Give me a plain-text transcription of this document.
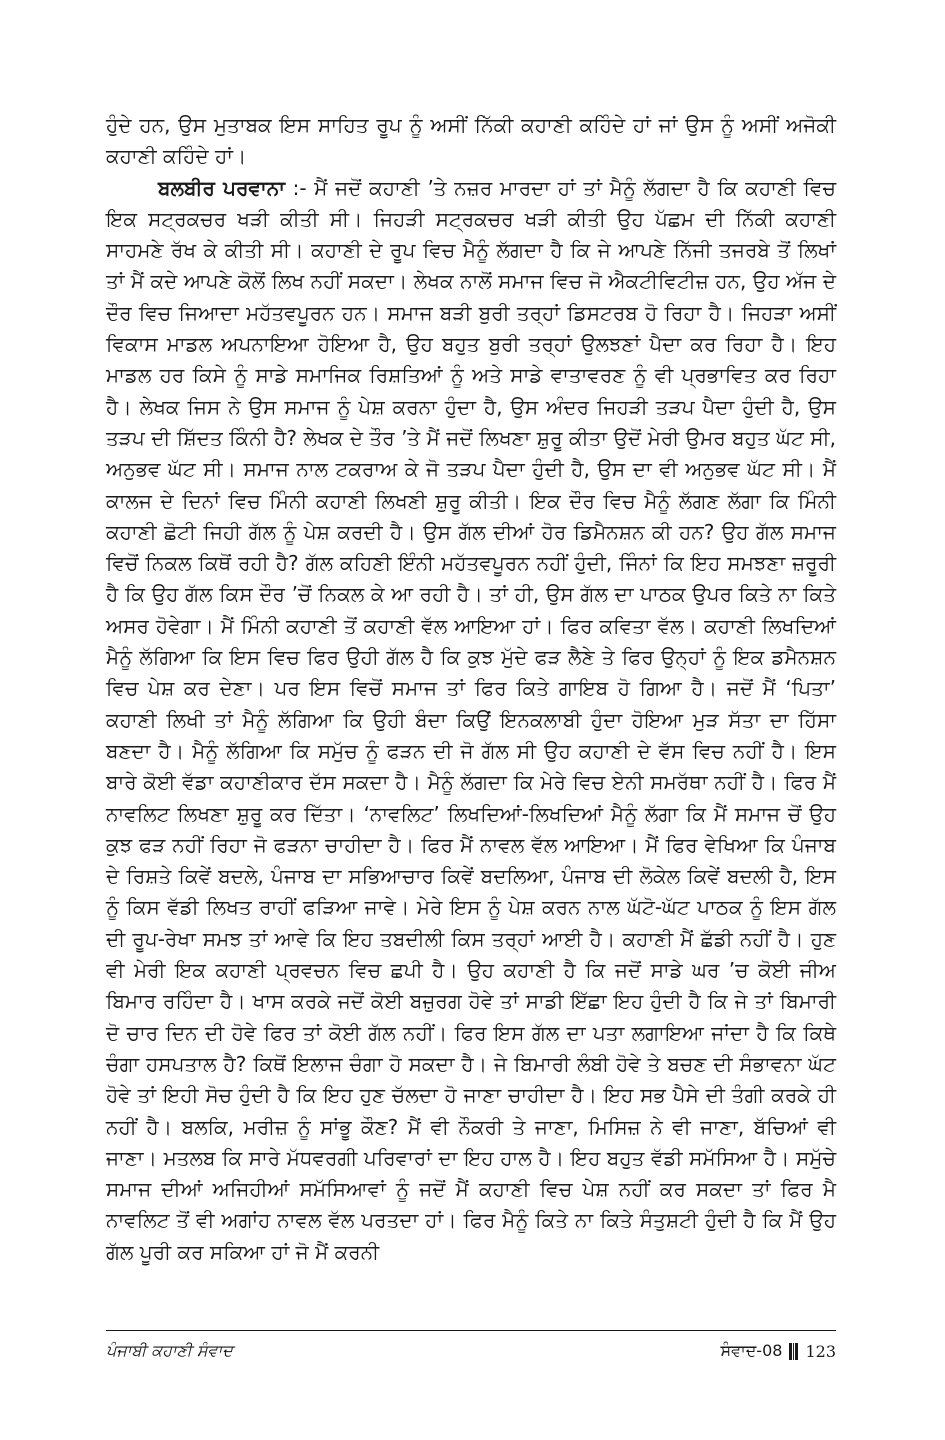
ਹੁੰਦੇ ਹਨ, ਉਸ ਮੁਤਾਬਕ ਇਸ ਸਾਹਿਤ ਰੂਪ ਨੂੰ ਅਸੀਂ ਨਿੱਕੀ ਕਹਾਣੀ ਕਹਿੰਦੇ ਹਾਂ ਜਾਂ ਉਸ ਨੂੰ ਅਸੀਂ ਅਜੋਕੀ ਕਹਾਣੀ ਕਹਿੰਦੇ ਹਾਂ।

ਬਲਬੀਰ ਪਰਵਾਨਾ :- ਮੈਂ ਜਦੋਂ ਕਹਾਣੀ ’ਤੇ ਨਜ਼ਰ ਮਾਰਦਾ ਹਾਂ ਤਾਂ ਮੈਨੂੰ ਲੱਗਦਾ ਹੈ ਕਿ ਕਹਾਣੀ ਵਿਚ ਇਕ ਸਟ੍ਰਕਚਰ ਖੜੀ ਕੀਤੀ ਸੀ। ਜਿਹੜੀ ਸਟ੍ਰਕਚਰ ਖੜੀ ਕੀਤੀ ਉਹ ਪੱਛਮ ਦੀ ਨਿੱਕੀ ਕਹਾਣੀ ਸਾਹਮਣੇ ਰੱਖ ਕੇ ਕੀਤੀ ਸੀ। ਕਹਾਣੀ ਦੇ ਰੂਪ ਵਿਚ ਮੈਨੂੰ ਲੱਗਦਾ ਹੈ ਕਿ ਜੇ ਆਪਣੇ ਨਿੱਜੀ ਤਜਰਬੇ ਤੋਂ ਲਿਖਾਂ ਤਾਂ ਮੈਂ ਕਦੇ ਆਪਣੇ ਕੋਲੋਂ ਲਿਖ ਨਹੀਂ ਸਕਦਾ। ਲੇਖਕ ਨਾਲੋਂ ਸਮਾਜ ਵਿਚ ਜੋ ਐਕਟੀਵਿਟੀਜ਼ ਹਨ, ਉਹ ਅੱਜ ਦੇ ਦੌਰ ਵਿਚ ਜਿਆਦਾ ਮਹੱਤਵਪੂਰਨ ਹਨ। ਸਮਾਜ ਬੜੀ ਬੁਰੀ ਤਰ੍ਹਾਂ ਡਿਸਟਰਬ ਹੋ ਰਿਹਾ ਹੈ। ਜਿਹੜਾ ਅਸੀਂ ਵਿਕਾਸ ਮਾਡਲ ਅਪਨਾਇਆ ਹੋਇਆ ਹੈ, ਉਹ ਬਹੁਤ ਬੁਰੀ ਤਰ੍ਹਾਂ ਉਲਝਣਾਂ ਪੈਦਾ ਕਰ ਰਿਹਾ ਹੈ। ਇਹ ਮਾਡਲ ਹਰ ਕਿਸੇ ਨੂੰ ਸਾਡੇ ਸਮਾਜਿਕ ਰਿਸ਼ਤਿਆਂ ਨੂੰ ਅਤੇ ਸਾਡੇ ਵਾਤਾਵਰਣ ਨੂੰ ਵੀ ਪ੍ਰਭਾਵਿਤ ਕਰ ਰਿਹਾ ਹੈ। ਲੇਖਕ ਜਿਸ ਨੇ ਉਸ ਸਮਾਜ ਨੂੰ ਪੇਸ਼ ਕਰਨਾ ਹੁੰਦਾ ਹੈ, ਉਸ ਅੰਦਰ ਜਿਹੜੀ ਤੜਪ ਪੈਦਾ ਹੁੰਦੀ ਹੈ, ਉਸ ਤੜਪ ਦੀ ਸ਼ਿੱਦਤ ਕਿੰਨੀ ਹੈ? ਲੇਖਕ ਦੇ ਤੌਰ ’ਤੇ ਮੈਂ ਜਦੋਂ ਲਿਖਣਾ ਸ਼ੁਰੂ ਕੀਤਾ ਉਦੋਂ ਮੇਰੀ ਉਮਰ ਬਹੁਤ ਘੱਟ ਸੀ, ਅਨੁਭਵ ਘੱਟ ਸੀ। ਸਮਾਜ ਨਾਲ ਟਕਰਾਅ ਕੇ ਜੋ ਤੜਪ ਪੈਦਾ ਹੁੰਦੀ ਹੈ, ਉਸ ਦਾ ਵੀ ਅਨੁਭਵ ਘੱਟ ਸੀ। ਮੈਂ ਕਾਲਜ ਦੇ ਦਿਨਾਂ ਵਿਚ ਮਿੰਨੀ ਕਹਾਣੀ ਲਿਖਣੀ ਸ਼ੁਰੂ ਕੀਤੀ। ਇਕ ਦੌਰ ਵਿਚ ਮੈਨੂੰ ਲੱਗਣ ਲੱਗਾ ਕਿ ਮਿੰਨੀ ਕਹਾਣੀ ਛੋਟੀ ਜਿਹੀ ਗੱਲ ਨੂੰ ਪੇਸ਼ ਕਰਦੀ ਹੈ। ਉਸ ਗੱਲ ਦੀਆਂ ਹੋਰ ਡਿਮੈਨਸ਼ਨ ਕੀ ਹਨ? ਉਹ ਗੱਲ ਸਮਾਜ ਵਿਚੋਂ ਨਿਕਲ ਕਿਥੋਂ ਰਹੀ ਹੈ? ਗੱਲ ਕਹਿਣੀ ਇੰਨੀ ਮਹੱਤਵਪੂਰਨ ਨਹੀਂ ਹੁੰਦੀ, ਜਿੰਨਾਂ ਕਿ ਇਹ ਸਮਝਣਾ ਜ਼ਰੂਰੀ ਹੈ ਕਿ ਉਹ ਗੱਲ ਕਿਸ ਦੌਰ ’ਚੋਂ ਨਿਕਲ ਕੇ ਆ ਰਹੀ ਹੈ। ਤਾਂ ਹੀ, ਉਸ ਗੱਲ ਦਾ ਪਾਠਕ ਉਪਰ ਕਿਤੇ ਨਾ ਕਿਤੇ ਅਸਰ ਹੋਵੇਗਾ। ਮੈਂ ਮਿੰਨੀ ਕਹਾਣੀ ਤੋਂ ਕਹਾਣੀ ਵੱਲ ਆਇਆ ਹਾਂ। ਫਿਰ ਕਵਿਤਾ ਵੱਲ। ਕਹਾਣੀ ਲਿਖਦਿਆਂ ਮੈਨੂੰ ਲੱਗਿਆ ਕਿ ਇਸ ਵਿਚ ਫਿਰ ਉਹੀ ਗੱਲ ਹੈ ਕਿ ਕੁਝ ਮੁੱਦੇ ਫੜ ਲੈਣੇ ਤੇ ਫਿਰ ਉਨ੍ਹਾਂ ਨੂੰ ਇਕ ਡਮੈਨਸ਼ਨ ਵਿਚ ਪੇਸ਼ ਕਰ ਦੇਣਾ। ਪਰ ਇਸ ਵਿਚੋਂ ਸਮਾਜ ਤਾਂ ਫਿਰ ਕਿਤੇ ਗਾਇਬ ਹੋ ਗਿਆ ਹੈ। ਜਦੋਂ ਮੈਂ ‘ਪਿਤਾ’ ਕਹਾਣੀ ਲਿਖੀ ਤਾਂ ਮੈਨੂੰ ਲੱਗਿਆ ਕਿ ਉਹੀ ਬੰਦਾ ਕਿਉਂ ਇਨਕਲਾਬੀ ਹੁੰਦਾ ਹੋਇਆ ਮੁੜ ਸੱਤਾ ਦਾ ਹਿੱਸਾ ਬਣਦਾ ਹੈ। ਮੈਨੂੰ ਲੱਗਿਆ ਕਿ ਸਮੁੱਚ ਨੂੰ ਫੜਨ ਦੀ ਜੋ ਗੱਲ ਸੀ ਉਹ ਕਹਾਣੀ ਦੇ ਵੱਸ ਵਿਚ ਨਹੀਂ ਹੈ। ਇਸ ਬਾਰੇ ਕੋਈ ਵੱਡਾ ਕਹਾਣੀਕਾਰ ਦੱਸ ਸਕਦਾ ਹੈ। ਮੈਨੂੰ ਲੱਗਦਾ ਕਿ ਮੇਰੇ ਵਿਚ ਏਨੀ ਸਮਰੱਥਾ ਨਹੀਂ ਹੈ। ਫਿਰ ਮੈਂ ਨਾਵਲਿਟ ਲਿਖਣਾ ਸ਼ੁਰੂ ਕਰ ਦਿੱਤਾ। ‘ਨਾਵਲਿਟ’ ਲਿਖਦਿਆਂ-ਲਿਖਦਿਆਂ ਮੈਨੂੰ ਲੱਗਾ ਕਿ ਮੈਂ ਸਮਾਜ ਚੋਂ ਉਹ ਕੁਝ ਫੜ ਨਹੀਂ ਰਿਹਾ ਜੋ ਫੜਨਾ ਚਾਹੀਦਾ ਹੈ। ਫਿਰ ਮੈਂ ਨਾਵਲ ਵੱਲ ਆਇਆ। ਮੈਂ ਫਿਰ ਵੇਖਿਆ ਕਿ ਪੰਜਾਬ ਦੇ ਰਿਸ਼ਤੇ ਕਿਵੇਂ ਬਦਲੇ, ਪੰਜਾਬ ਦਾ ਸਭਿਆਚਾਰ ਕਿਵੇਂ ਬਦਲਿਆ, ਪੰਜਾਬ ਦੀ ਲੋਕੇਲ ਕਿਵੇਂ ਬਦਲੀ ਹੈ, ਇਸ ਨੂੰ ਕਿਸ ਵੱਡੀ ਲਿਖਤ ਰਾਹੀਂ ਫੜਿਆ ਜਾਵੇ। ਮੇਰੇ ਇਸ ਨੂੰ ਪੇਸ਼ ਕਰਨ ਨਾਲ ਘੱਟੋ-ਘੱਟ ਪਾਠਕ ਨੂੰ ਇਸ ਗੱਲ ਦੀ ਰੂਪ-ਰੇਖਾ ਸਮਝ ਤਾਂ ਆਵੇ ਕਿ ਇਹ ਤਬਦੀਲੀ ਕਿਸ ਤਰ੍ਹਾਂ ਆਈ ਹੈ। ਕਹਾਣੀ ਮੈਂ ਛੱਡੀ ਨਹੀਂ ਹੈ। ਹੁਣ ਵੀ ਮੇਰੀ ਇਕ ਕਹਾਣੀ ਪ੍ਰਵਚਨ ਵਿਚ ਛਪੀ ਹੈ। ਉਹ ਕਹਾਣੀ ਹੈ ਕਿ ਜਦੋਂ ਸਾਡੇ ਘਰ ’ਚ ਕੋਈ ਜੀਅ ਬਿਮਾਰ ਰਹਿੰਦਾ ਹੈ। ਖਾਸ ਕਰਕੇ ਜਦੋਂ ਕੋਈ ਬਜ਼ੁਰਗ ਹੋਵੇ ਤਾਂ ਸਾਡੀ ਇੱਛਾ ਇਹ ਹੁੰਦੀ ਹੈ ਕਿ ਜੇ ਤਾਂ ਬਿਮਾਰੀ ਦੋ ਚਾਰ ਦਿਨ ਦੀ ਹੋਵੇ ਫਿਰ ਤਾਂ ਕੋਈ ਗੱਲ ਨਹੀਂ। ਫਿਰ ਇਸ ਗੱਲ ਦਾ ਪਤਾ ਲਗਾਇਆ ਜਾਂਦਾ ਹੈ ਕਿ ਕਿਥੇ ਚੰਗਾ ਹਸਪਤਾਲ ਹੈ? ਕਿਥੋਂ ਇਲਾਜ ਚੰਗਾ ਹੋ ਸਕਦਾ ਹੈ। ਜੇ ਬਿਮਾਰੀ ਲੰਬੀ ਹੋਵੇ ਤੇ ਬਚਣ ਦੀ ਸੰਭਾਵਨਾ ਘੱਟ ਹੋਵੇ ਤਾਂ ਇਹੀ ਸੋਚ ਹੁੰਦੀ ਹੈ ਕਿ ਇਹ ਹੁਣ ਚੱਲਦਾ ਹੋ ਜਾਣਾ ਚਾਹੀਦਾ ਹੈ। ਇਹ ਸਭ ਪੈਸੇ ਦੀ ਤੰਗੀ ਕਰਕੇ ਹੀ ਨਹੀਂ ਹੈ। ਬਲਕਿ, ਮਰੀਜ਼ ਨੂੰ ਸਾਂਭੂ ਕੌਣ? ਮੈਂ ਵੀ ਨੌਕਰੀ ਤੇ ਜਾਣਾ, ਮਿਸਿਜ਼ ਨੇ ਵੀ ਜਾਣਾ, ਬੱਚਿਆਂ ਵੀ ਜਾਣਾ। ਮਤਲਬ ਕਿ ਸਾਰੇ ਮੱਧਵਰਗੀ ਪਰਿਵਾਰਾਂ ਦਾ ਇਹ ਹਾਲ ਹੈ। ਇਹ ਬਹੁਤ ਵੱਡੀ ਸਮੱਸਿਆ ਹੈ। ਸਮੁੱਚੇ ਸਮਾਜ ਦੀਆਂ ਅਜਿਹੀਆਂ ਸਮੱਸਿਆਵਾਂ ਨੂੰ ਜਦੋਂ ਮੈਂ ਕਹਾਣੀ ਵਿਚ ਪੇਸ਼ ਨਹੀਂ ਕਰ ਸਕਦਾ ਤਾਂ ਫਿਰ ਮੈ ਨਾਵਲਿਟ ਤੋਂ ਵੀ ਅਗਾਂਹ ਨਾਵਲ ਵੱਲ ਪਰਤਦਾ ਹਾਂ। ਫਿਰ ਮੈਨੂੰ ਕਿਤੇ ਨਾ ਕਿਤੇ ਸੰਤੁਸ਼ਟੀ ਹੁੰਦੀ ਹੈ ਕਿ ਮੈਂ ਉਹ ਗੱਲ ਪੂਰੀ ਕਰ ਸਕਿਆ ਹਾਂ ਜੋ ਮੈਂ ਕਰਨੀ

ਪੰਜਾਬੀ ਕਹਾਣੀ ਸੰਵਾਦ	ਸੰਵਾਦ-08 123
